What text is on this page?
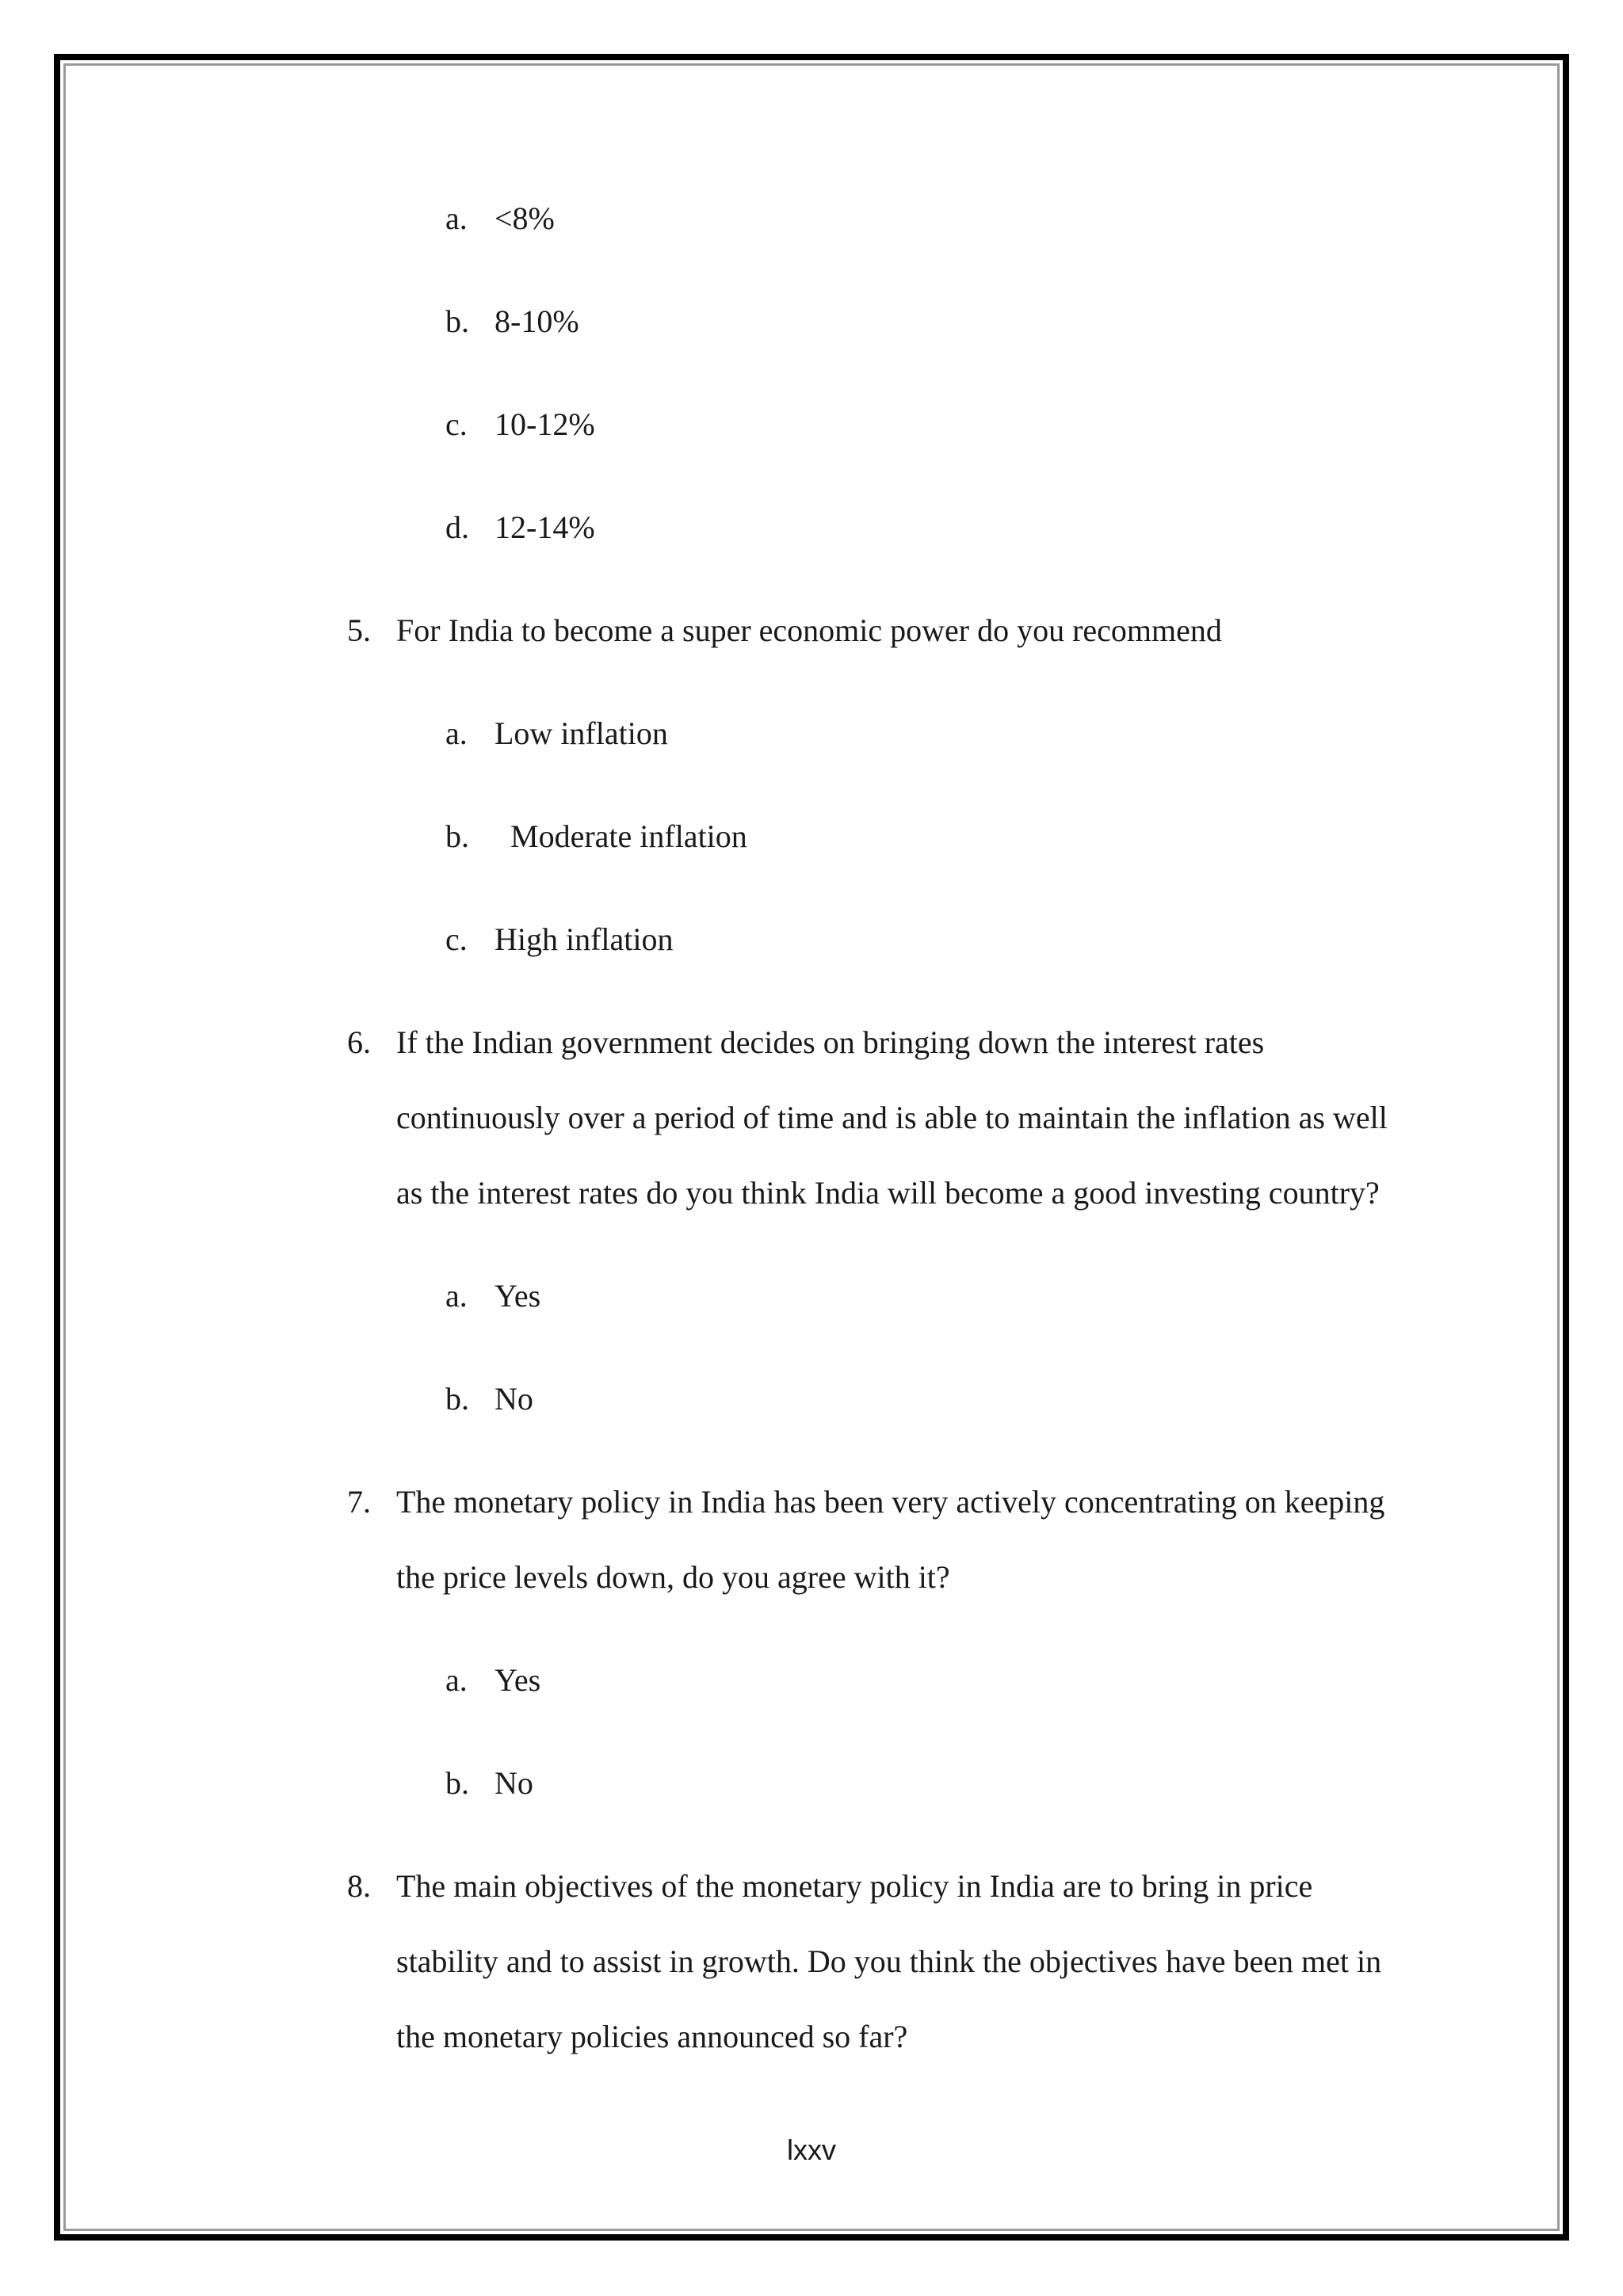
a. <8%
b. 8-10%
c. 10-12%
d. 12-14%
5. For India to become a super economic power do you recommend
a. Low inflation
b. Moderate inflation
c. High inflation
6. If the Indian government decides on bringing down the interest rates
continuously over a period of time and is able to maintain the inflation as well
as the interest rates do you think India will become a good investing country?
a. Yes
b. No
7. The monetary policy in India has been very actively concentrating on keeping
the price levels down, do you agree with it?
a. Yes
b. No
8. The main objectives of the monetary policy in India are to bring in price
stability and to assist in growth. Do you think the objectives have been met in
the monetary policies announced so far?
lxxv
